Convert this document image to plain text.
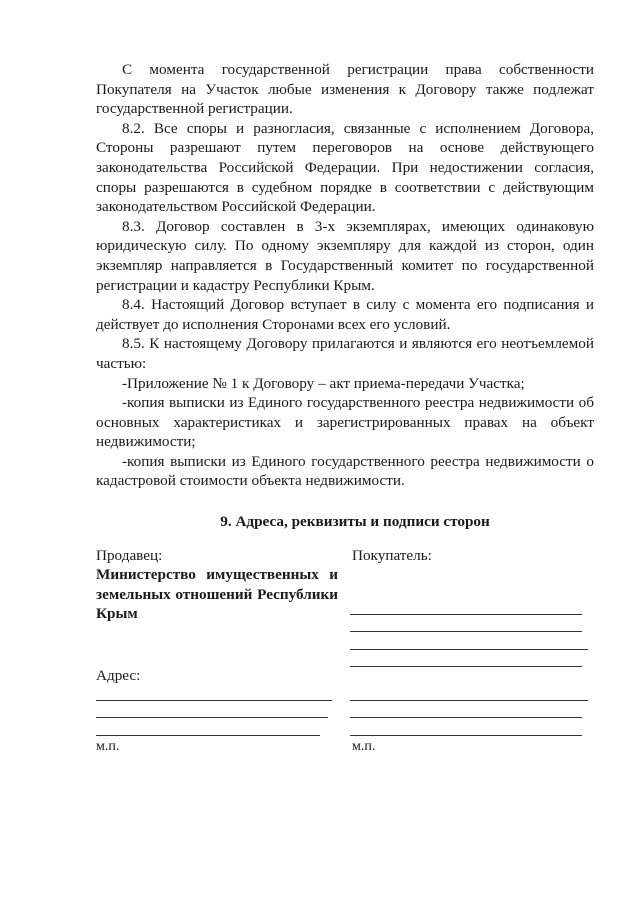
С момента государственной регистрации права собственности Покупателя на Участок любые изменения к Договору также подлежат государственной регистрации.

8.2. Все споры и разногласия, связанные с исполнением Договора, Стороны разрешают путем переговоров на основе действующего законодательства Российской Федерации. При недостижении согласия, споры разрешаются в судебном порядке в соответствии с действующим законодательством Российской Федерации.

8.3. Договор составлен в 3-х экземплярах, имеющих одинаковую юридическую силу. По одному экземпляру для каждой из сторон, один экземпляр направляется в Государственный комитет по государственной регистрации и кадастру Республики Крым.

8.4. Настоящий Договор вступает в силу с момента его подписания и действует до исполнения Сторонами всех его условий.

8.5. К настоящему Договору прилагаются и являются его неотъемлемой частью:

-Приложение № 1 к Договору – акт приема-передачи Участка;

-копия выписки из Единого государственного реестра недвижимости об основных характеристиках и зарегистрированных правах на объект недвижимости;

-копия выписки из Единого государственного реестра недвижимости о кадастровой стоимости объекта недвижимости.

9. Адреса, реквизиты и подписи сторон
Продавец:	Покупатель:
Министерство имущественных и земельных отношений Республики Крым
Адрес:
м.п.	м.п.
